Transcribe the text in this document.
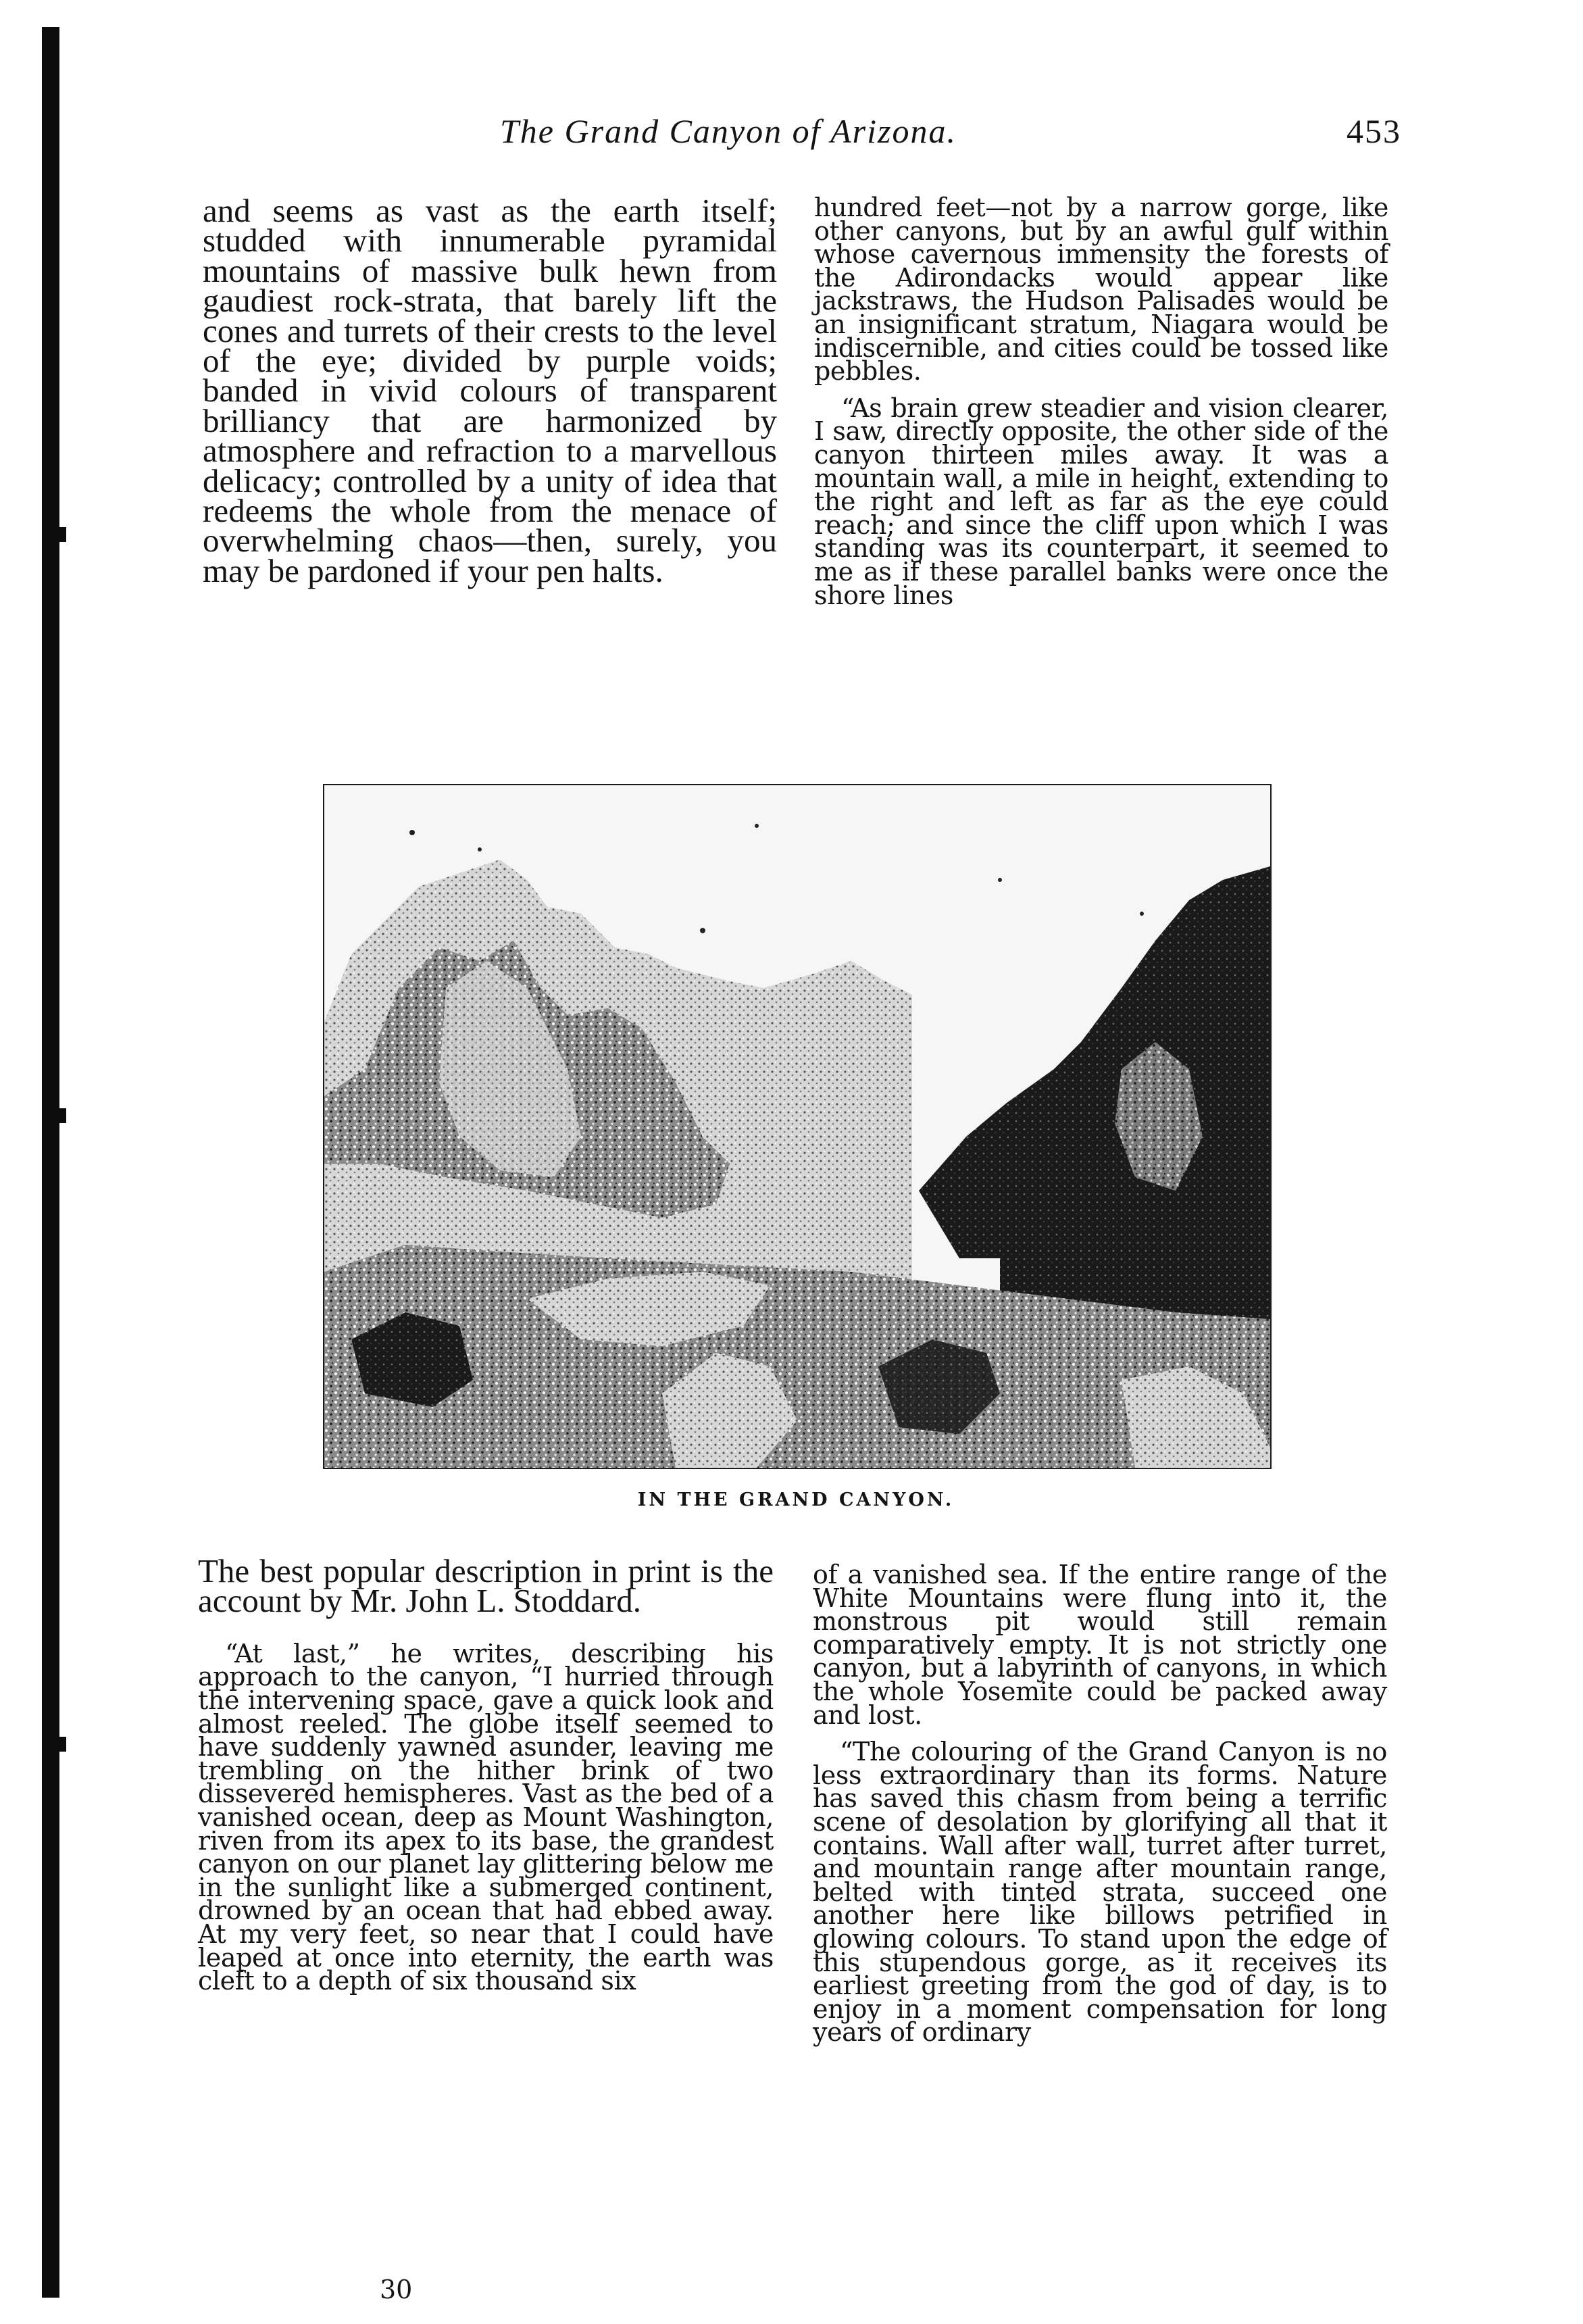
The Grand Canyon of Arizona.	453

and seems as vast as the earth itself; studded with innumerable pyramidal mountains of massive bulk hewn from gaudiest rock-strata, that barely lift the cones and turrets of their crests to the level of the eye; divided by purple voids; banded in vivid colours of transparent brilliancy that are harmonized by atmosphere and refraction to a marvellous delicacy; controlled by a unity of idea that redeems the whole from the menace of overwhelming chaos—then, surely, you may be pardoned if your pen halts.

hundred feet—not by a narrow gorge, like other canyons, but by an awful gulf within whose cavernous immensity the forests of the Adirondacks would appear like jackstraws, the Hudson Palisades would be an insignificant stratum, Niagara would be indiscernible, and cities could be tossed like pebbles.

“As brain grew steadier and vision clearer, I saw, directly opposite, the other side of the canyon thirteen miles away. It was a mountain wall, a mile in height, extending to the right and left as far as the eye could reach; and since the cliff upon which I was standing was its counterpart, it seemed to me as if these parallel banks were once the shore lines

IN THE GRAND CANYON.

The best popular description in print is the account by Mr. John L. Stoddard.

“At last,” he writes, describing his approach to the canyon, “I hurried through the intervening space, gave a quick look and almost reeled. The globe itself seemed to have suddenly yawned asunder, leaving me trembling on the hither brink of two dissevered hemispheres. Vast as the bed of a vanished ocean, deep as Mount Washington, riven from its apex to its base, the grandest canyon on our planet lay glittering below me in the sunlight like a submerged continent, drowned by an ocean that had ebbed away. At my very feet, so near that I could have leaped at once into eternity, the earth was cleft to a depth of six thousand six

of a vanished sea. If the entire range of the White Mountains were flung into it, the monstrous pit would still remain comparatively empty. It is not strictly one canyon, but a labyrinth of canyons, in which the whole Yosemite could be packed away and lost.

“The colouring of the Grand Canyon is no less extraordinary than its forms. Nature has saved this chasm from being a terrific scene of desolation by glorifying all that it contains. Wall after wall, turret after turret, and mountain range after mountain range, belted with tinted strata, succeed one another here like billows petrified in glowing colours. To stand upon the edge of this stupendous gorge, as it receives its earliest greeting from the god of day, is to enjoy in a moment compensation for long years of ordinary

30
